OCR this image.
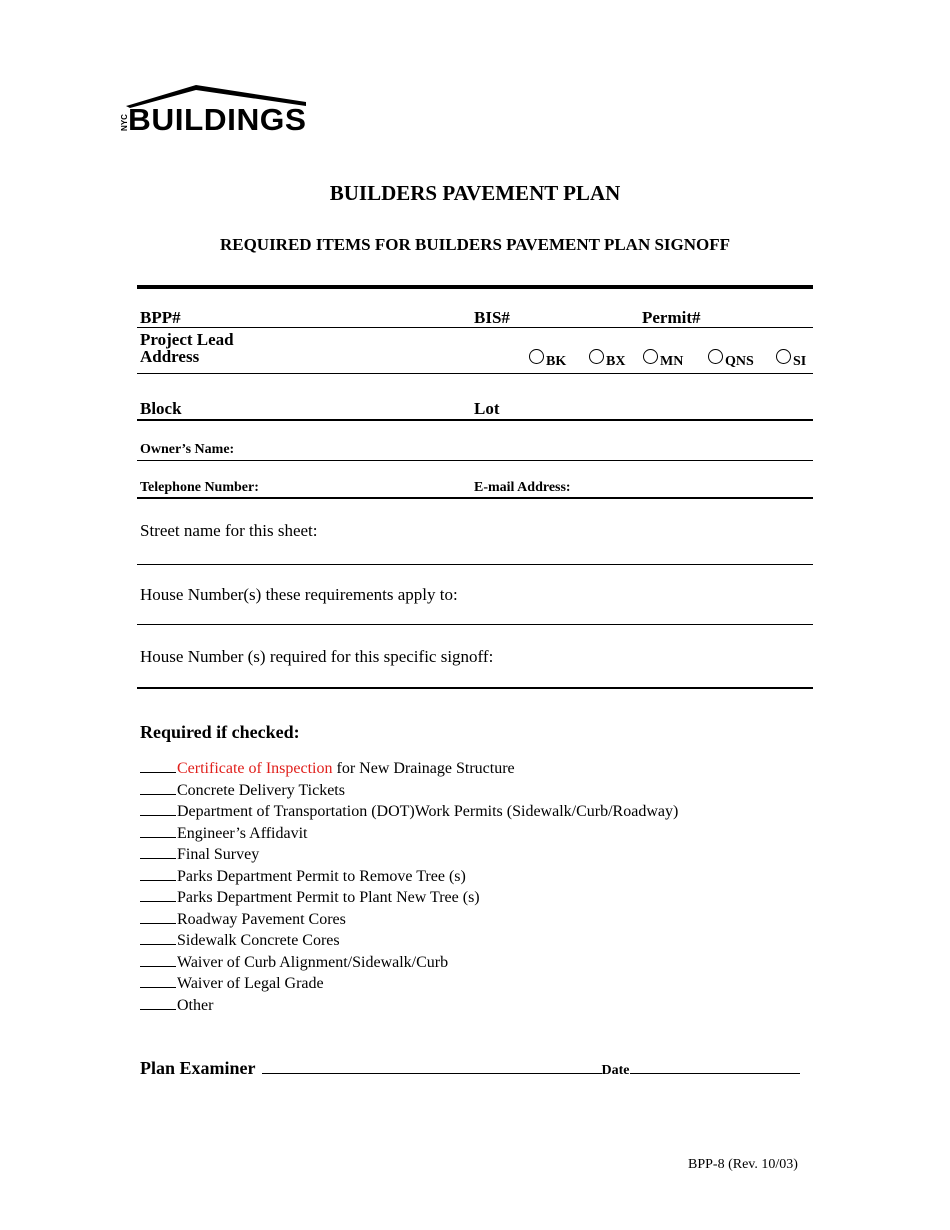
NYC BUILDINGS
BUILDERS PAVEMENT PLAN
REQUIRED ITEMS FOR BUILDERS PAVEMENT PLAN SIGNOFF
BPP#	BIS#	Permit#
Project Lead
Address	BK	BX MN	QNS	SI
Block	Lot
Owner’s Name:
Telephone Number:	E-mail Address:
Street name for this sheet:
House Number(s) these requirements apply to:
House Number (s) required for this specific signoff:
Required if checked:
Certificate of Inspection for New Drainage Structure
Concrete Delivery Tickets
Department of Transportation (DOT)Work Permits (Sidewalk/Curb/Roadway)
Engineer’s Affidavit
Final Survey
Parks Department Permit to Remove Tree (s)
Parks Department Permit to Plant New Tree (s)
Roadway Pavement Cores
Sidewalk Concrete Cores
Waiver of Curb Alignment/Sidewalk/Curb
Waiver of Legal Grade
Other
Plan Examiner	Date
BPP-8 (Rev. 10/03)
